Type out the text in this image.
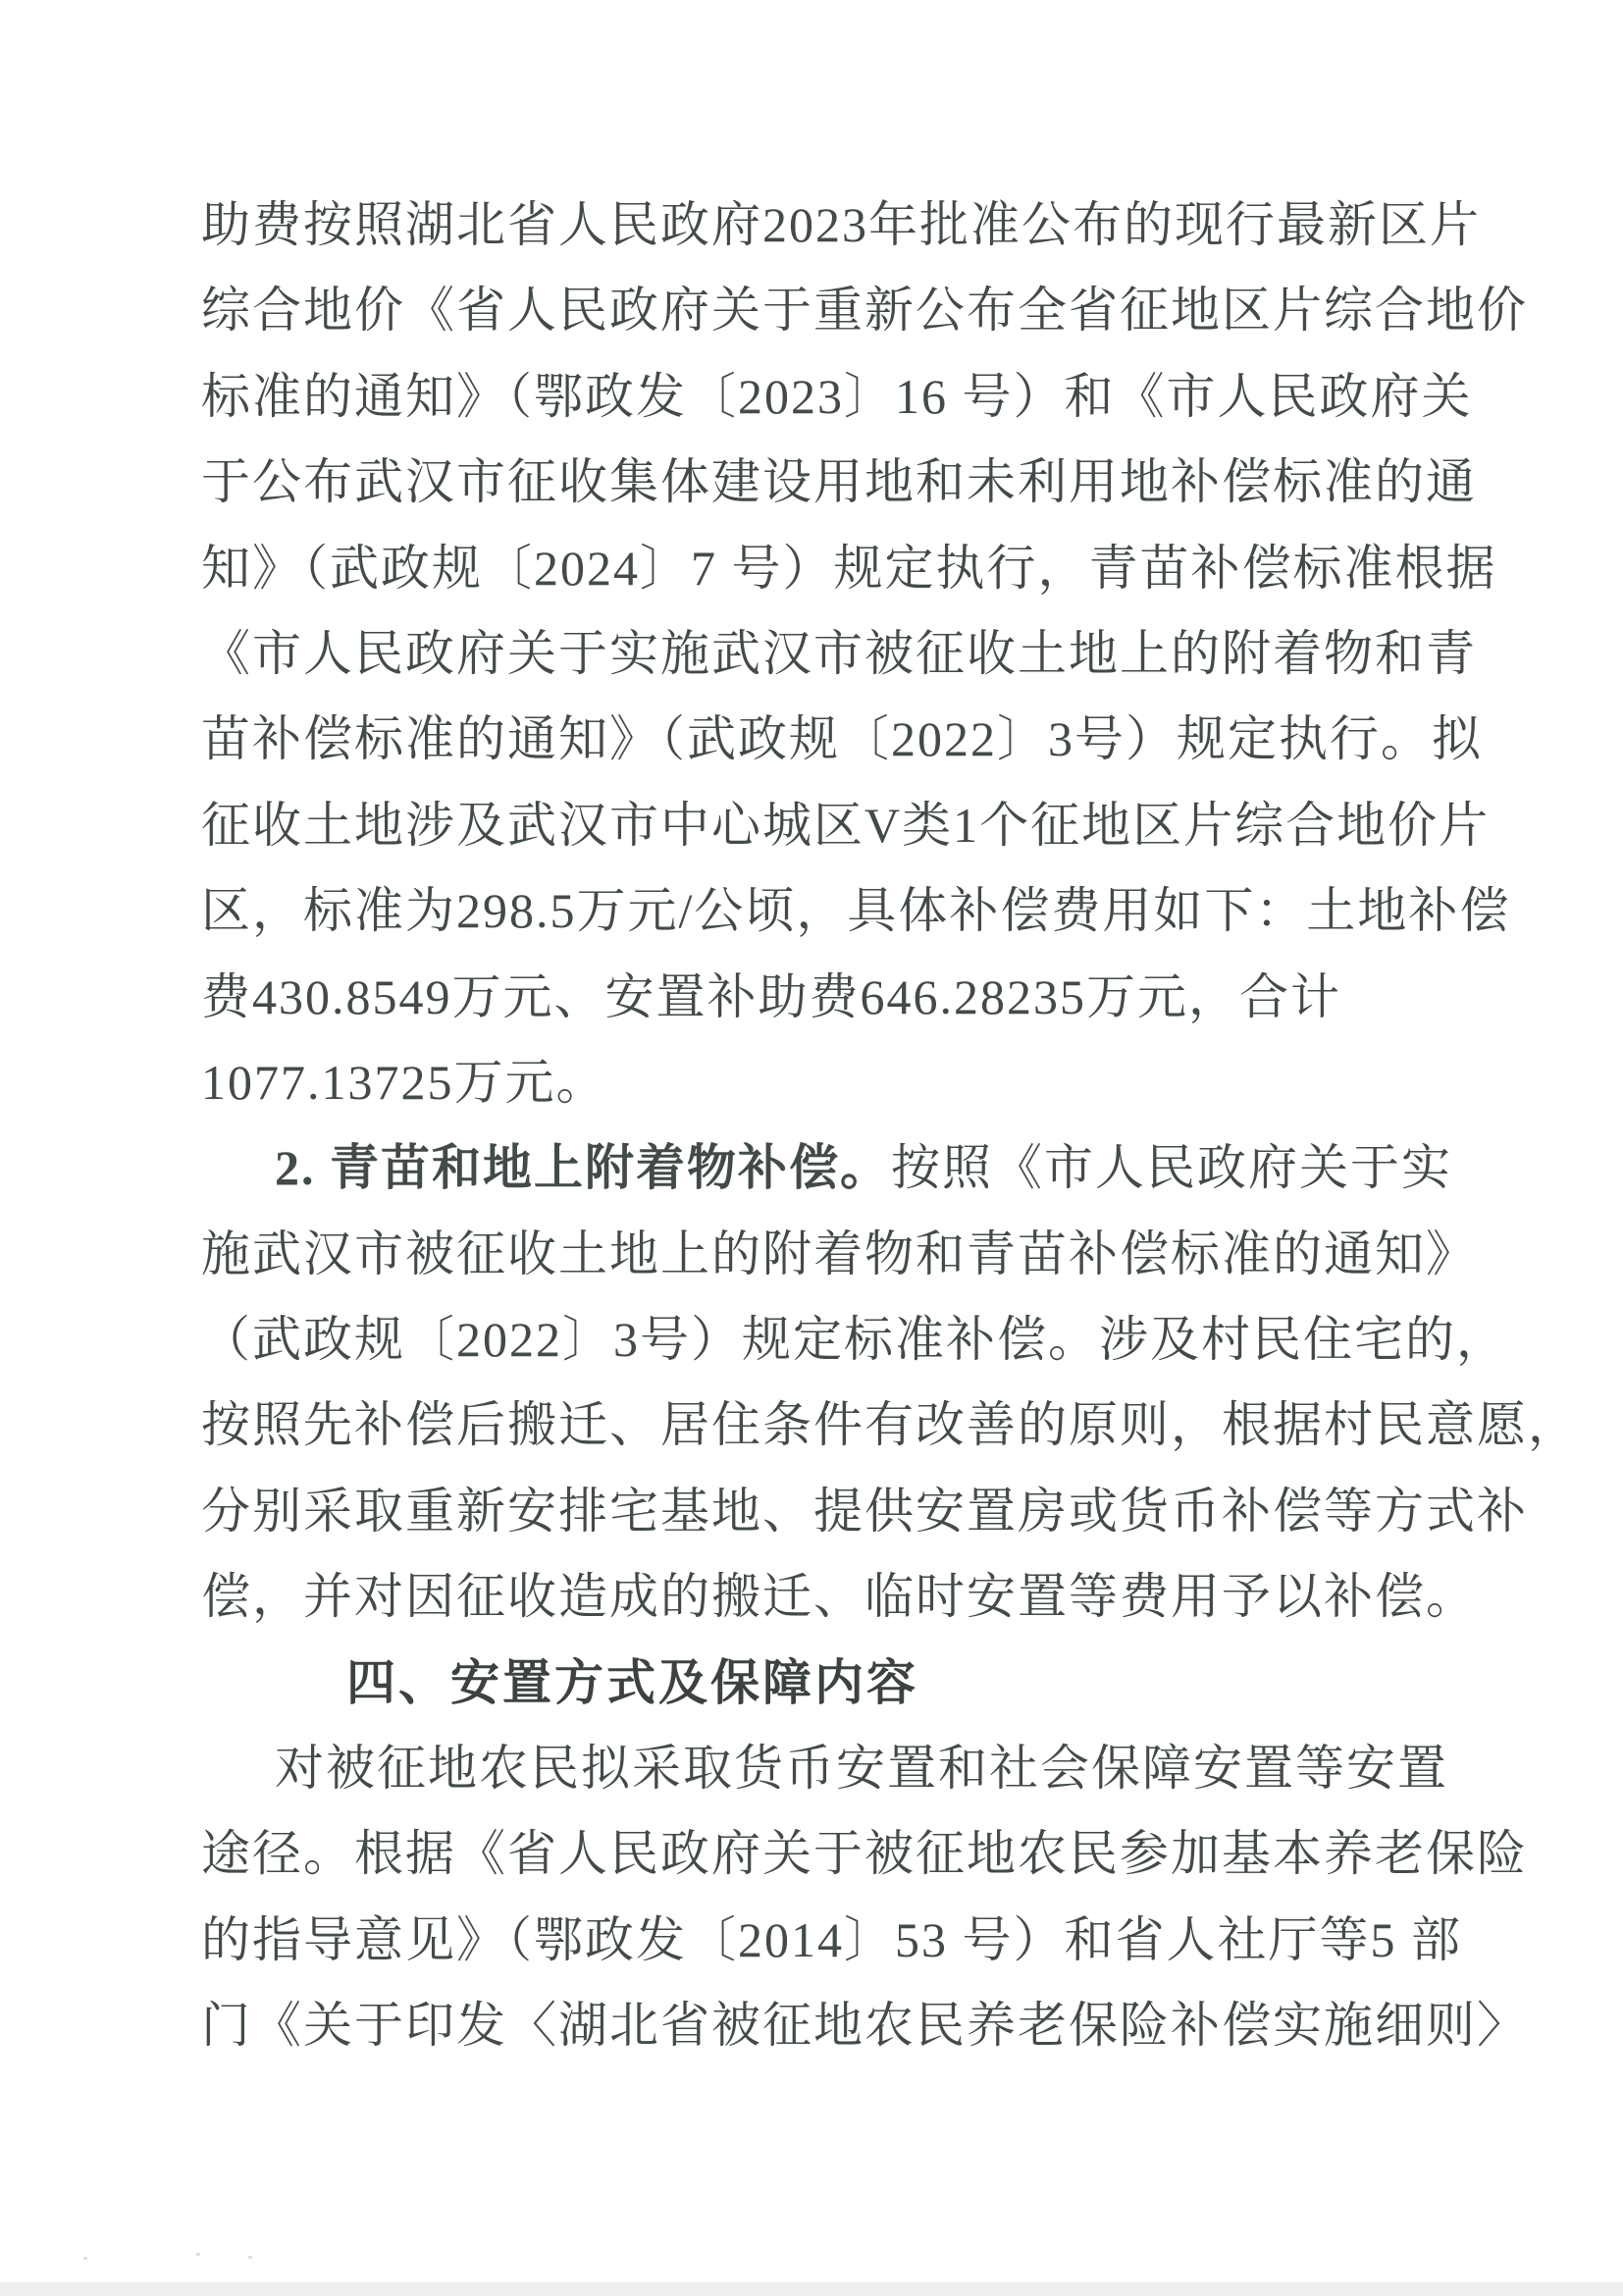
助费按照湖北省人民政府2023年批准公布的现行最新区片
综合地价《省人民政府关于重新公布全省征地区片综合地价
标准的通知》（鄂政发〔2023〕16 号）和《市人民政府关
于公布武汉市征收集体建设用地和未利用地补偿标准的通
知》（武政规〔2024〕7 号）规定执行，青苗补偿标准根据
《市人民政府关于实施武汉市被征收土地上的附着物和青
苗补偿标准的通知》（武政规〔2022〕3号）规定执行。拟
征收土地涉及武汉市中心城区V类1个征地区片综合地价片
区，标准为298.5万元/公顷，具体补偿费用如下：土地补偿
费430.8549万元、安置补助费646.28235万元，合计
1077.13725万元。
2. 青苗和地上附着物补偿。按照《市人民政府关于实
施武汉市被征收土地上的附着物和青苗补偿标准的通知》
（武政规〔2022〕3号）规定标准补偿。涉及村民住宅的，
按照先补偿后搬迁、居住条件有改善的原则，根据村民意愿，
分别采取重新安排宅基地、提供安置房或货币补偿等方式补
偿，并对因征收造成的搬迁、临时安置等费用予以补偿。
四、安置方式及保障内容
对被征地农民拟采取货币安置和社会保障安置等安置
途径。根据《省人民政府关于被征地农民参加基本养老保险
的指导意见》（鄂政发〔2014〕53 号）和省人社厅等5 部
门《关于印发〈湖北省被征地农民养老保险补偿实施细则〉
